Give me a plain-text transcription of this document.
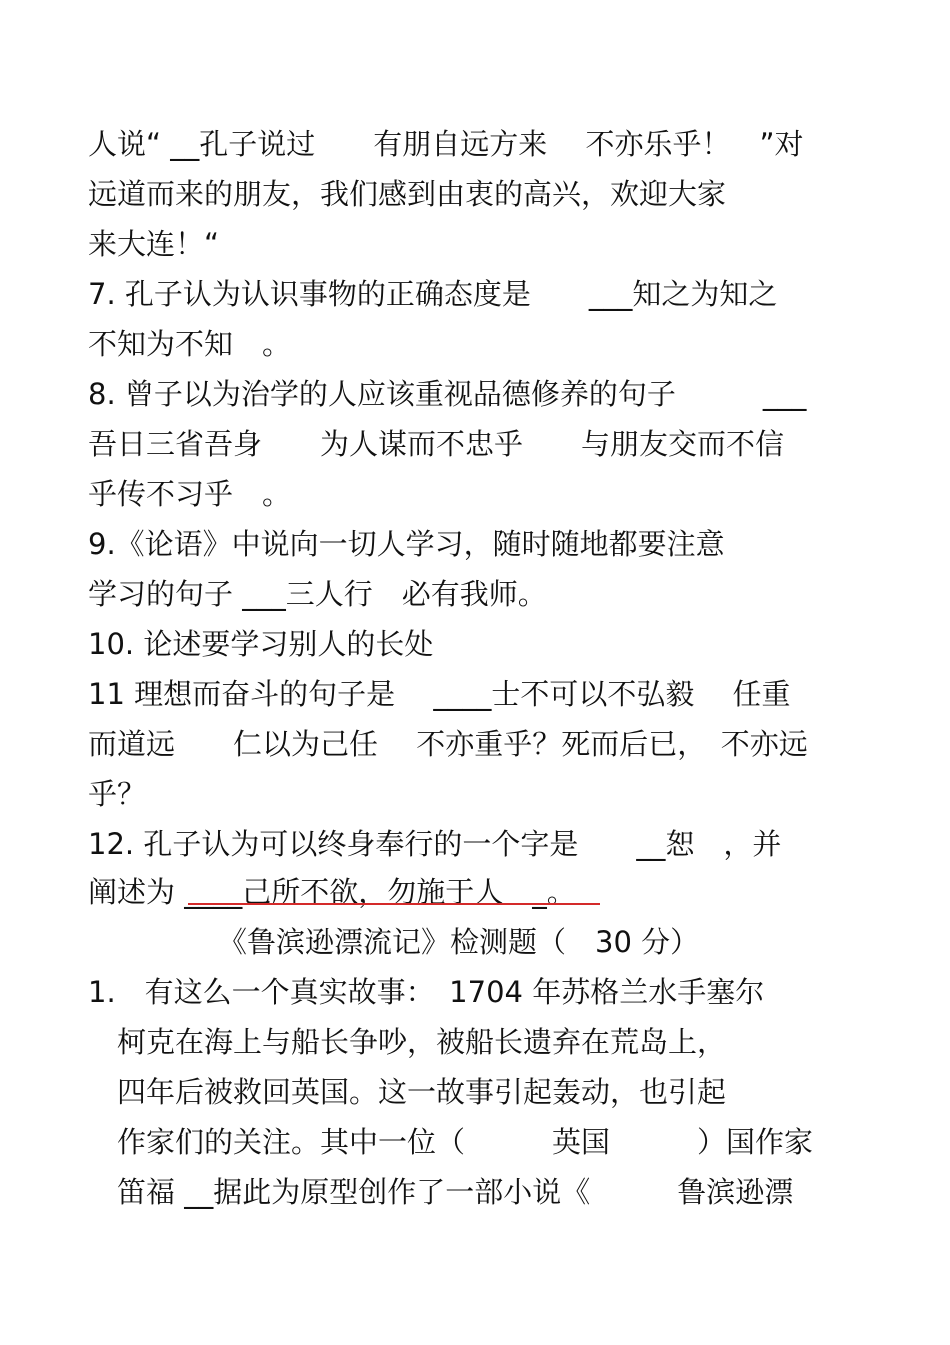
人说“ __孔子说过　　有朋自远方来　 不亦乐乎！　”对
远道而来的朋友，我们感到由衷的高兴，欢迎大家
来大连！“
7. 孔子认为认识事物的正确态度是　　___知之为知之
不知为不知　。
8. 曾子以为治学的人应该重视品德修养的句子　　　___
吾日三省吾身　　为人谋而不忠乎　　与朋友交而不信
乎传不习乎　。
9.《论语》中说向一切人学习，随时随地都要注意
学习的句子 ___三人行　必有我师。
10. 论述要学习别人的长处
11 理想而奋斗的句子是　 ____士不可以不弘毅　 任重
而道远　　仁以为己任　 不亦重乎？死而后已，　不亦远
乎？
12. 孔子认为可以终身奉行的一个字是　　__恕　，并
阐述为 ____己所不欲，勿施于人　_。
《鲁滨逊漂流记》检测题（　30 分）
1.　有这么一个真实故事：　1704 年苏格兰水手塞尔
柯克在海上与船长争吵，被船长遗弃在荒岛上，
四年后被救回英国。这一故事引起轰动，也引起
作家们的关注。其中一位（　　　英国　　　）国作家
笛福 __据此为原型创作了一部小说《　　　鲁滨逊漂
